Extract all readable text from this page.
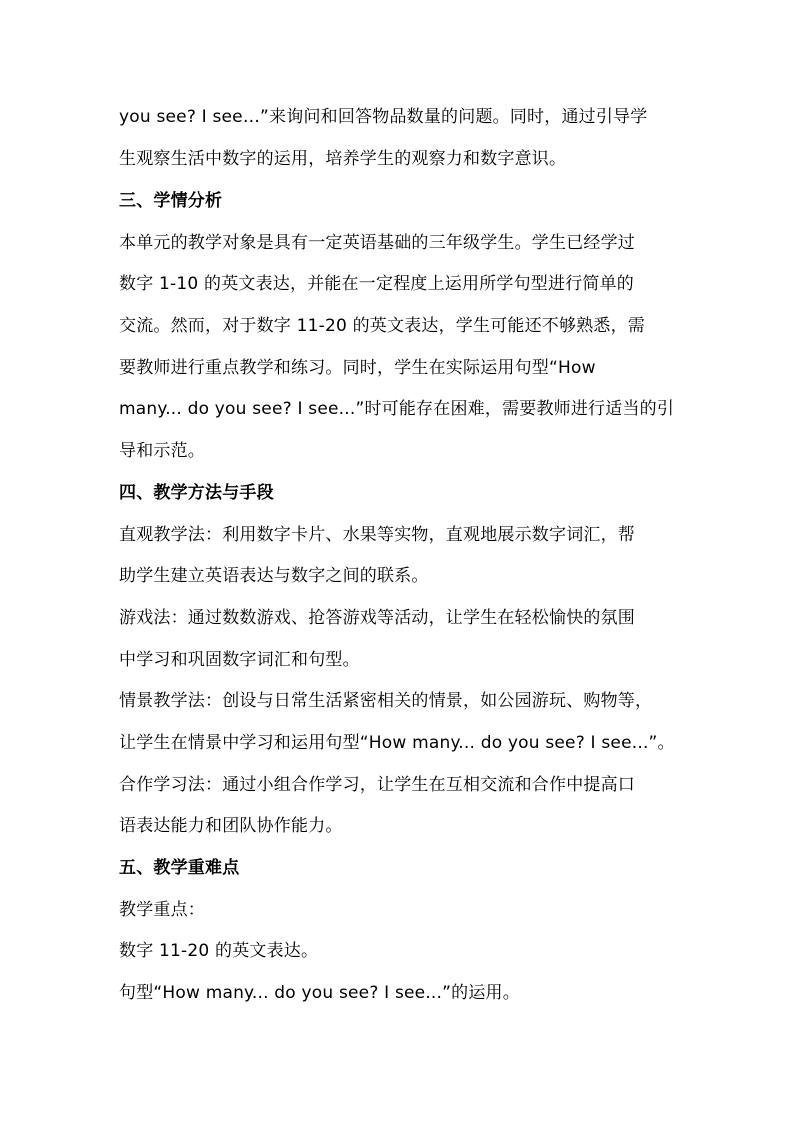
you see? I see…”来询问和回答物品数量的问题。同时，通过引导学
生观察生活中数字的运用，培养学生的观察力和数字意识。
三、学情分析
本单元的教学对象是具有一定英语基础的三年级学生。学生已经学过
数字 1-10 的英文表达，并能在一定程度上运用所学句型进行简单的
交流。然而，对于数字 11-20 的英文表达，学生可能还不够熟悉，需
要教师进行重点教学和练习。同时，学生在实际运用句型“How
many... do you see? I see...”时可能存在困难，需要教师进行适当的引
导和示范。
四、教学方法与手段
直观教学法：利用数字卡片、水果等实物，直观地展示数字词汇，帮
助学生建立英语表达与数字之间的联系。
游戏法：通过数数游戏、抢答游戏等活动，让学生在轻松愉快的氛围
中学习和巩固数字词汇和句型。
情景教学法：创设与日常生活紧密相关的情景，如公园游玩、购物等，
让学生在情景中学习和运用句型“How many... do you see? I see...”。
合作学习法：通过小组合作学习，让学生在互相交流和合作中提高口
语表达能力和团队协作能力。
五、教学重难点
教学重点：
数字 11-20 的英文表达。
句型“How many... do you see? I see...”的运用。
